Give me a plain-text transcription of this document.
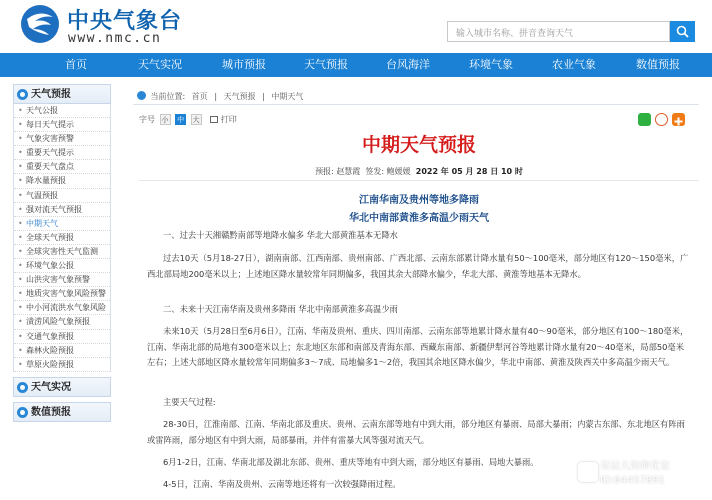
中央气象台
www.nmc.cn	输入城市名称、拼音查询天气
首页	天气实况	城市预报	天气预报	台风海洋	环境气象	农业气象	数值预报
天气预报
• 天气公报
• 每日天气提示
• 气象灾害预警
• 重要天气提示
• 重要天气盘点
• 降水量预报
• 气温预报
• 强对流天气预报
• 中期天气
• 全球天气预报
• 全球灾害性天气监测
• 环境气象公报
• 山洪灾害气象预警
• 地质灾害气象风险预警
• 中小河流洪水气象风险
• 渍涝风险气象预报
• 交通气象预报
• 森林火险预报
• 草原火险预报
天气实况
数值预报
当前位置: 首页 | 天气预报 | 中期天气
字号 小 中 大	打印
中期天气预报
预报: 赵慧霞 签发: 鲍媛媛 2022 年 05 月 28 日 10 时
江南华南及贵州等地多降雨
华北中南部黄淮多高温少雨天气
一、过去十天湘赣黔南部等地降水偏多 华北大部黄淮基本无降水
过去10天（5月18-27日），湖南南部、江西南部、贵州南部、广西北部、云南东部累计降水量有50～100毫米，部分地区有120～150毫米，广西北部局地200毫米以上；上述地区降水量较常年同期偏多，我国其余大部降水偏少，华北大部、黄淮等地基本无降水。
二、未来十天江南华南及贵州多降雨 华北中南部黄淮多高温少雨
未来10天（5月28日至6月6日），江南、华南及贵州、重庆、四川南部、云南东部等地累计降水量有40～90毫米，部分地区有100～180毫米，江南、华南北部的局地有300毫米以上；东北地区东部和南部及青海东部、西藏东南部、新疆伊犁河谷等地累计降水量有20～40毫米，局部50毫米左右；上述大部地区降水量较常年同期偏多3～7成、局地偏多1～2倍，我国其余地区降水偏少，华北中南部、黄淮及陕西关中多高温少雨天气。
主要天气过程:
28-30日，江淮南部、江南、华南北部及重庆、贵州、云南东部等地有中到大雨，部分地区有暴雨、局部大暴雨；内蒙古东部、东北地区有阵雨或雷阵雨，部分地区有中到大雨，局部暴雨，并伴有雷暴大风等强对流天气。
6月1-2日，江南、华南北部及湖北东部、贵州、重庆等地有中到大雨，部分地区有暴雨、局地大暴雨。
4-5日，江南、华南及贵州、云南等地还将有一次较强降雨过程。
星辰大海种花家
ID:64457891
